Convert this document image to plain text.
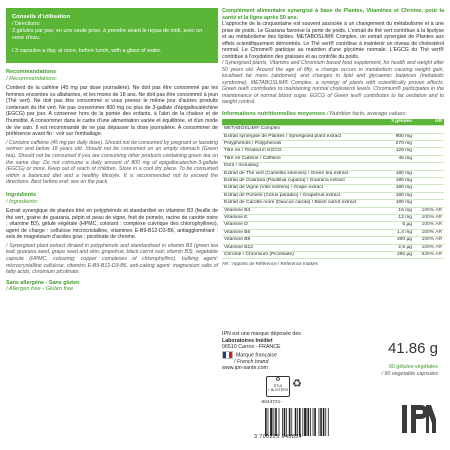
Conseils d'utilisation

/ Directions:

3 gélules par jour, en une seule prise, à prendre avant le repas de midi, avec un verre d'eau.

/ 3 capsules a day, at once, before lunch, with a glass of water.

Recommandations
/ Recommendations:

Contient de la caféine (45 mg par dose journalière). Ne doit pas être consommé par les femmes enceintes ou allaitantes, et les moins de 18 ans. Ne doit pas être consommé à jeun (Thé vert). Ne doit pas être consommé si vous prenez le même jour d'autres produits contenant du thé vert. Ne pas consommer 800 mg ou plus de 3-gallate d'épigallocatéchine (EGCG) par jour. A conserver hors de la portée des enfants, à l'abri de la chaleur et de l'humidité. A consommer dans le cadre d'une alimentation variée et équilibrée, et d'un mode de vie sain. Il est recommandé de ne pas dépasser la dose journalière. A consommer de préférence avant fin : voir sur l'emballage.

/ Contains caffeine (45 mg per daily dose). Should not be consumed by pregnant or lactating women and below 18 years old. Should not be consumed on an empty stomach (Green tea). Should not be consumed if you are consuming other products containing green tea on the same day. Do not consume a daily amount of 800 mg of epigallocatechin-3-gallate (EGCG) or more. Keep out of reach of children. Store in a cool dry place. To be consumed within a balanced diet and a healthy lifestyle. It is recommended not to exceed the directions. Best before end: see on the pack.

Ingrédients
/ Ingredients:

Extrait synergique de plantes titré en polyphénols et standardisé en vitamine B3 (feuille de thé vert, graine de guarana, pépin et peau de vigne, fruit de pomelo, racine de carotte noire ; vitamine B3), gélule végétale (HPMC, colorant : complexe cuivrique des chlorophyllines), agent de charge : cellulose microcristalline, vitamines E-B9-B12-D3-B6, antiagglomérant : sels de magnésium d'acides gras ; picolinate de chrome.

/ Synergised plant extract titrated in polyphenols and standardised in vitamin B3 (green tea leaf, guarana seed, grape seed and skin, grapefruit, black carrot root; vitamin B3), vegetable capsule (HPMC, colouring: copper complexes of chlorophyllins), bulking agent: microcrystalline cellulose, vitamins E-B9-B12-D3-B6, anti-caking agent: magnesium salts of fatty acids, chromium picolinate.

Sans allergène - Sans gluten
/ Allergen free - Gluten free
Complément alimentaire synergisé à base de Plantes, Vitamines et Chrome, pour la santé et la ligne après 50 ans.
L'approche de la cinquantaine est souvent associée à un changement du métabolisme et à une prise de poids. Le Guarana favorise la perte de poids. L'extrait de thé vert contribue à la lipolyse et au métabolisme des lipides. METABOSLIM® Complex, un extrait synergisé de Plantes aux effets scientifiquement démontrés. Le Thé vert® contribue à maintenir un niveau de cholestérol normal. Le Chrome® participe au maintien d'une glycémie normale. L'EGCG du Thé vert® contribue à l'oxydation des graisses et au contrôle du poids.
/ Synergised plants, Vitamins and Chromium based food supplement, for health and weight after 50 years old. Around the age of fifty, a change occurs in metabolism causing weight gain, localised fat mass (abdomen) and changes in lipid and glycaemic balances (metabolic syndrome). METABOSLIM® Complex, a synergy of plants with scientifically proven effects. Green tea® contributes to maintaining normal cholesterol levels. Chromium® participates in the maintenance of normal blood sugar. EGCG of Green tea® contributes to fat oxidation and to weight control.
Informations nutritionnelles moyennes / Nutrition facts, average values:
	3 gélules	AR
METABOSLIM® Complex		
Extrait synergisé de Plantes / Synergised plant extract	900 mg	
Polyphénols / Polyphenols	270 mg	
Titré en / Titrated in EGCG	126 mg	
Titré en Caféine / Caffeine	45 mg	
Dont / Including:		
Extrait de Thé vert (Camellia sinensis) / Green tea extract	180 mg	
Extrait de Guarana (Paullinia cupana) / Guarana extract	180 mg	
Extrait de Vigne (Vitis vinifera) / Grape extract	180 mg	
Extrait de Pomelo (Citrus paradisi) / Grapefruit extract	180 mg	
Extrait de Carotte noire (Daucus carota) / Black carrot extract	180 mg	
Vitamine B3	16 mg	100% AR
Vitamine E	12 mg	100% AR
Vitamine D	5 µg	100% AR
Vitamine B6	1,4 mg	100% AR
Vitamine B9	200 µg	100% AR
Vitamine B12	2,5 µg	100% AR
Chrome / Chromium (Picolinate)	250 µg	625% AR
AR : Apports de Référence / Reference Intakes
IPN est une marque déposée des
Laboratoires Inédiet
06510 Carros - FRANCE
Marque française
/ French brand
www.ipn-sante.com
41.86 g
90 gélules végétales
/ 90 vegetable capsules
♻
ÉTUI
+ BLISTERS ♻
-6044721-
3 700225 640834
